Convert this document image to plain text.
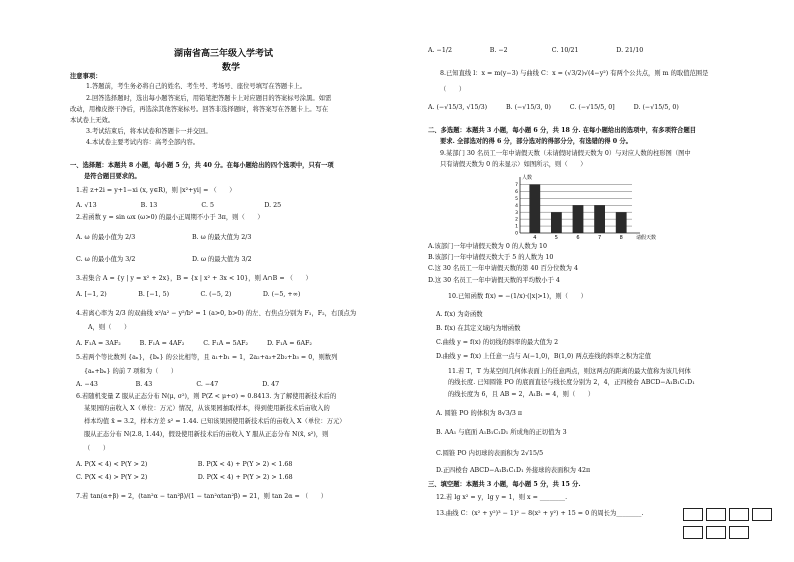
湖南省高三年级入学考试
数学
注意事项：
1.答题前，考生务必将自己的姓名、考生号、考场号、座位号填写在答题卡上。
2.回答选择题时，选出每小题答案后，用铅笔把答题卡上对应题目的答案标号涂黑。如需
改动，用橡皮擦干净后，再选涂其他答案标号。回答非选择题时，将答案写在答题卡上。写在
本试卷上无效。
3.考试结束后，将本试卷和答题卡一并交回。
4.本试卷主要考试内容：高考全部内容。
一、选择题：本题共 8 小题，每小题 5 分，共 40 分。在每小题给出的四个选项中，只有一项
是符合题目要求的。
1.若 z+2i = y+1−xi (x, y∈R)，则 |x²+yi| = （　　）
A. √13　　　　　　　B. 13　　　　　　　C. 5　　　　　　　　D. 25
2.若函数 y = sin ωx (ω>0) 的最小正周期不小于 3π，则（　　）
A. ω 的最小值为 2/3　　　　　　　　　B. ω 的最大值为 2/3
C. ω 的最小值为 3/2　　　　　　　　　D. ω 的最大值为 3/2
3.若集合 A = {y | y = x² + 2x}，B = {x | x² + 3x < 10}，则 A∩B = （　　）
A. [−1, 2)　　　　　B. [−1, 5)　　　　　C. (−5, 2)　　　　　D. (−5, +∞)
4.若离心率为 2/3 的双曲线 x²/a² − y²/b² = 1 (a>0, b>0) 的左、右焦点分别为 F₁，F₂，右顶点为
A，则（　　）
A. F₁A = 3AF₂　　　B. F₁A = 4AF₂　　　C. F₁A = 5AF₂　　　D. F₁A = 6AF₂
5.若两个等比数列 {aₙ}，{bₙ} 的公比相等，且 a₁+b₁ = 1，2a₂+a₃+2b₂+b₃ = 0，则数列
{aₙ+bₙ} 的前 7 项和为（　　）
A. −43　　　　　　B. 43　　　　　　　C. −47　　　　　　　D. 47
6.若随机变量 Z 服从正态分布 N(μ, σ²)，则 P(Z < μ+σ) ≈ 0.8413. 为了解使用新技术后的
某果园的亩收入 X（单位：万元）情况，从该果园抽取样本，得到使用新技术后亩收入的
样本均值 x̄ = 3.2，样本方差 s² = 1.44. 已知该果园使用新技术后的亩收入 X（单位：万元）
服从正态分布 N(2.8, 1.44)，假设使用新技术后的亩收入 Y 服从正态分布 N(x̄, s²)，则
（　　）
A. P(X < 4) < P(Y > 2)　　　　　　　　B. P(X < 4) + P(Y > 2) < 1.68
C. P(X < 4) > P(Y > 2)　　　　　　　　D. P(X < 4) + P(Y > 2) > 1.68
7.若 tan(α+β) = 2，(tan²α − tan²β)/(1 − tan²αtan²β) = 21，则 tan 2α = （　　）
A. −1/2　　　　　　B. −2　　　　　　　C. 10/21　　　　　　D. 21/10
8.已知直线 l：x = m(y−3) 与曲线 C：x = (√3/2)√(4−y²) 有两个公共点，则 m 的取值范围是
（　　）
A. (−√15/3, √15/3)　　　B. (−√15/3, 0)　　　C. (−√15/5, 0]　　　D. (−√15/5, 0)
二、多选题：本题共 3 小题，每小题 6 分，共 18 分. 在每小题给出的选项中，有多项符合题目
要求. 全部选对的得 6 分，部分选对的得部分分，有选错的得 0 分。
9.某部门 30 名员工一年中请假天数（未请假时请假天数为 0）与对应人数的柱形图（图中
只有请假天数为 0 的未显示）如图所示，则（　　）
0
1
2
3
4
5
6
7
4	5	6	7	8
人数
请假天数
A.该部门一年中请假天数为 0 的人数为 10
B.该部门一年中请假天数大于 5 的人数为 10
C.这 30 名员工一年中请假天数的第 40 百分位数为 4
D.这 30 名员工一年中请假天数的平均数小于 4
10.已知函数 f(x) = −(1/x)·(|x|>1)，则（　　）
A. f(x) 为奇函数
B. f(x) 在其定义域内为增函数
C.曲线 y = f(x) 的切线的斜率的最大值为 2
D.曲线 y = f(x) 上任意一点与 A(−1,0)，B(1,0) 两点连线的斜率之积为定值
11.若 T，T 为某空间几何体表面上的任意两点，则这两点的距离的最大值称为该几何体
的线长度. 已知圆锥 PO 的底面直径与线长度分别为 2，4，正四棱台 ABCD−A₁B₁C₁D₁
的线长度为 6，且 AB = 2，A₁B₁ = 4，则（　　）
A. 圆锥 PO 的体积为 8√3/3 π
B. AA₁ 与底面 A₁B₁C₁D₁ 所成角的正切值为 3
C.圆锥 PO 内切球的表面积为 2√15/5
D.正四棱台 ABCD−A₁B₁C₁D₁ 外接球的表面积为 42π
三、填空题：本题共 3 小题，每小题 5 分，共 15 分.
12.若 lg x² = y，lg y = 1，则 x = ________.
13.曲线 C：(x² + y²)³ − 1)² − 8(x² + y²) + 15 = 0 的周长为________.
